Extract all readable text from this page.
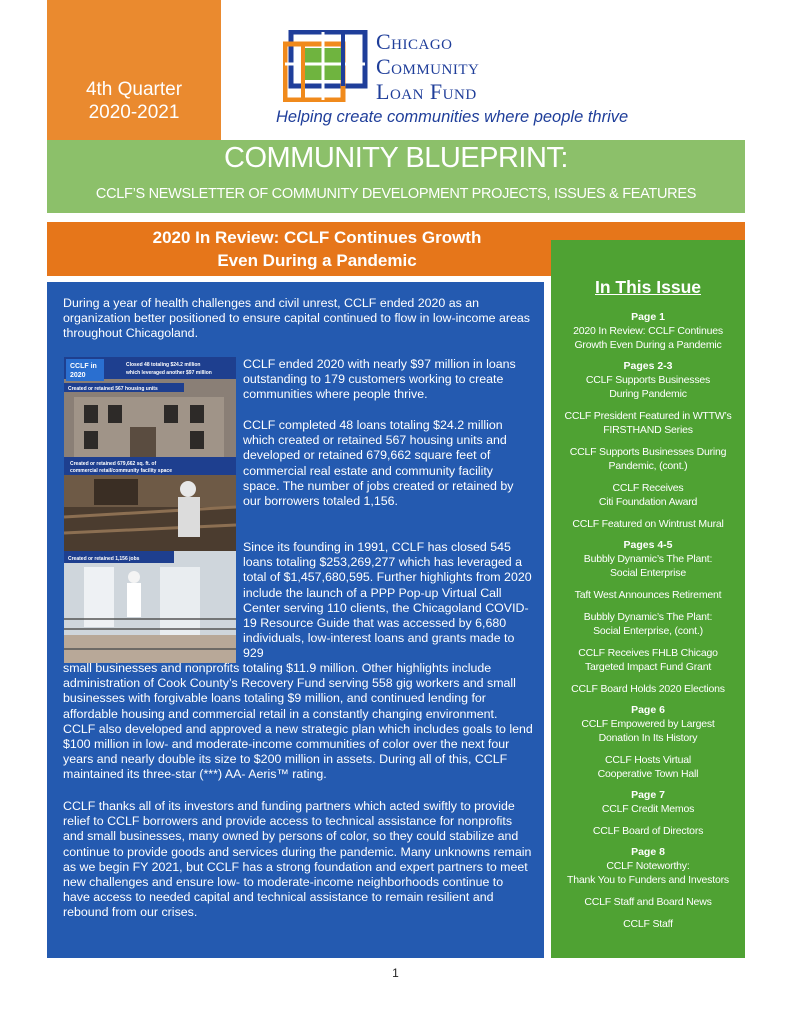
4th Quarter
2020-2021
Chicago
Community
Loan Fund
Helping create communities where people thrive
COMMUNITY BLUEPRINT:
CCLF’S NEWSLETTER OF COMMUNITY DEVELOPMENT PROJECTS, ISSUES & FEATURES
2020 In Review: CCLF Continues Growth
Even During a Pandemic
In This Issue
Page 1
2020 In Review: CCLF Continues
Growth Even During a Pandemic
Pages 2-3
CCLF Supports Businesses
During Pandemic
CCLF President Featured in WTTW’s
FIRSTHAND Series
CCLF Supports Businesses During
Pandemic, (cont.)
CCLF Receives
Citi Foundation Award
CCLF Featured on Wintrust Mural
Pages 4-5
Bubbly Dynamic’s The Plant:
Social Enterprise
Taft West Announces Retirement
Bubbly Dynamic’s The Plant:
Social Enterprise, (cont.)
CCLF Receives FHLB Chicago
Targeted Impact Fund Grant
CCLF Board Holds 2020 Elections
Page 6
CCLF Empowered by Largest
Donation In Its History
CCLF Hosts Virtual
Cooperative Town Hall
Page 7
CCLF Credit Memos
CCLF Board of Directors
Page 8
CCLF Noteworthy:
Thank You to Funders and Investors
CCLF Staff and Board News
CCLF Staff

During a year of health challenges and civil unrest, CCLF ended 2020 as an organization better positioned to ensure capital continued to flow in low-income areas throughout Chicagoland.

CCLF in
2020
Closed 48 totaling $24.2 million
which leveraged another $97 million
Created or retained 567 housing units
Created or retained 679,662 sq. ft. of
commercial retail/community facility space
Created or retained 1,156 jobs

CCLF ended 2020 with nearly $97 million in loans outstanding to 179 customers working to create communities where people thrive.

CCLF completed 48 loans totaling $24.2 million which created or retained 567 housing units and developed or retained 679,662 square feet of commercial real estate and community facility space. The number of jobs created or retained by our borrowers totaled 1,156.

Since its founding in 1991, CCLF has closed 545 loans totaling $253,269,277 which has leveraged a total of $1,457,680,595. Further highlights from 2020 include the launch of a PPP Pop-up Virtual Call Center serving 110 clients, the Chicagoland COVID-19 Resource Guide that was accessed by 6,680 individuals, low-interest loans and grants made to 929

small businesses and nonprofits totaling $11.9 million. Other highlights include administration of Cook County’s Recovery Fund serving 558 gig workers and small businesses with forgivable loans totaling $9 million, and continued lending for affordable housing and commercial retail in a constantly changing environment. CCLF also developed and approved a new strategic plan which includes goals to lend $100 million in low- and moderate-income communities of color over the next four years and nearly double its size to $200 million in assets. During all of this, CCLF maintained its three-star (***) AA- Aeris™ rating.

CCLF thanks all of its investors and funding partners which acted swiftly to provide relief to CCLF borrowers and provide access to technical assistance for nonprofits and small businesses, many owned by persons of color, so they could stabilize and continue to provide goods and services during the pandemic. Many unknowns remain as we begin FY 2021, but CCLF has a strong foundation and expert partners to meet new challenges and ensure low- to moderate-income neighborhoods continue to have access to needed capital and technical assistance to remain resilient and rebound from our crises.

1
